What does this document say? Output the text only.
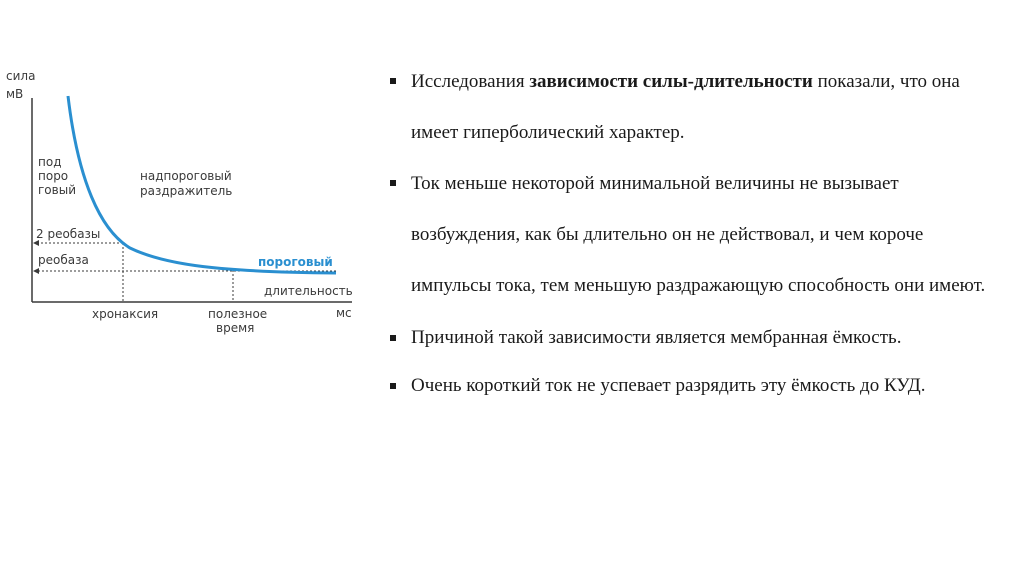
сила
мВ
под
поро
говый
надпороговый
раздражитель
2 реобазы
реобаза	пороговый
длительность
хронаксия	полезное
время
мс
Исследования зависимости силы-длительности показали, что она имеет гиперболический характер.
Ток меньше некоторой минимальной величины не вызывает возбуждения, как бы длительно он не действовал, и чем короче импульсы тока, тем меньшую раздражающую способность они имеют.
Причиной такой зависимости является мембранная ёмкость.
Очень короткий ток не успевает разрядить эту ёмкость до КУД.
